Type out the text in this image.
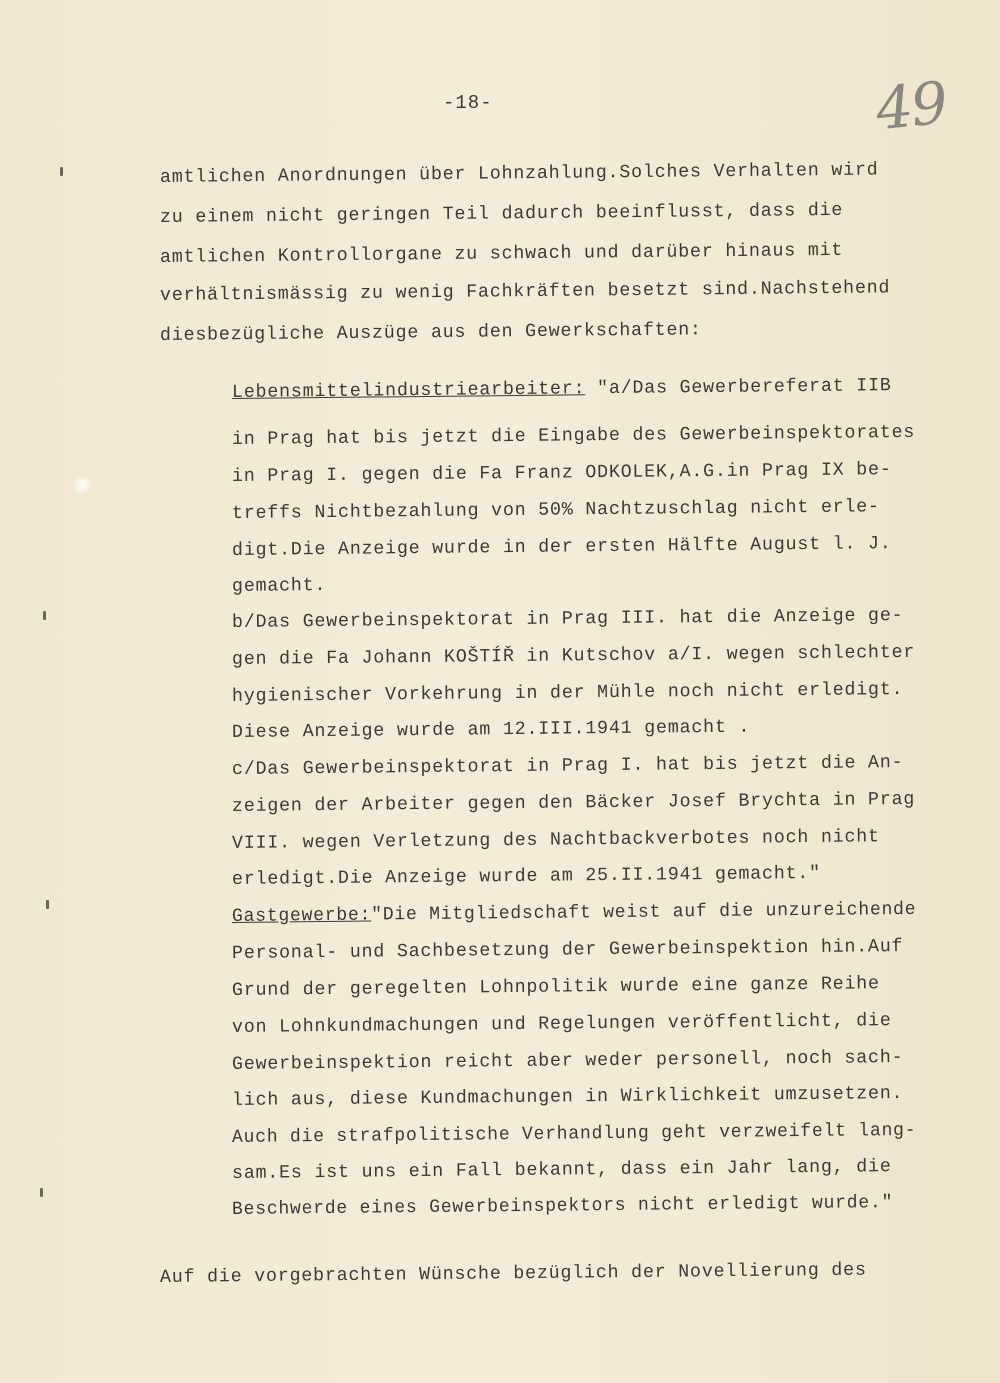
-18-	49
amtlichen Anordnungen über Lohnzahlung.Solches Verhalten wird
zu einem nicht geringen Teil dadurch beeinflusst, dass die
amtlichen Kontrollorgane zu schwach und darüber hinaus mit
verhältnismässig zu wenig Fachkräften besetzt sind.Nachstehend
diesbezügliche Auszüge aus den Gewerkschaften:
Lebensmittelindustriearbeiter: "a/Das Gewerbereferat IIB
in Prag hat bis jetzt die Eingabe des Gewerbeinspektorates
in Prag I. gegen die Fa Franz ODKOLEK,A.G.in Prag IX be-
treffs Nichtbezahlung von 50% Nachtzuschlag nicht erle-
digt.Die Anzeige wurde in der ersten Hälfte August l. J.
gemacht.
b/Das Gewerbeinspektorat in Prag III. hat die Anzeige ge-
gen die Fa Johann KOŠTÍŘ in Kutschov a/I. wegen schlechter
hygienischer Vorkehrung in der Mühle noch nicht erledigt.
Diese Anzeige wurde am 12.III.1941 gemacht .
c/Das Gewerbeinspektorat in Prag I. hat bis jetzt die An-
zeigen der Arbeiter gegen den Bäcker Josef Brychta in Prag
VIII. wegen Verletzung des Nachtbackverbotes noch nicht
erledigt.Die Anzeige wurde am 25.II.1941 gemacht."
Gastgewerbe:"Die Mitgliedschaft weist auf die unzureichende
Personal- und Sachbesetzung der Gewerbeinspektion hin.Auf
Grund der geregelten Lohnpolitik wurde eine ganze Reihe
von Lohnkundmachungen und Regelungen veröffentlicht, die
Gewerbeinspektion reicht aber weder personell, noch sach-
lich aus, diese Kundmachungen in Wirklichkeit umzusetzen.
Auch die strafpolitische Verhandlung geht verzweifelt lang-
sam.Es ist uns ein Fall bekannt, dass ein Jahr lang, die
Beschwerde eines Gewerbeinspektors nicht erledigt wurde."
Auf die vorgebrachten Wünsche bezüglich der Novellierung des
